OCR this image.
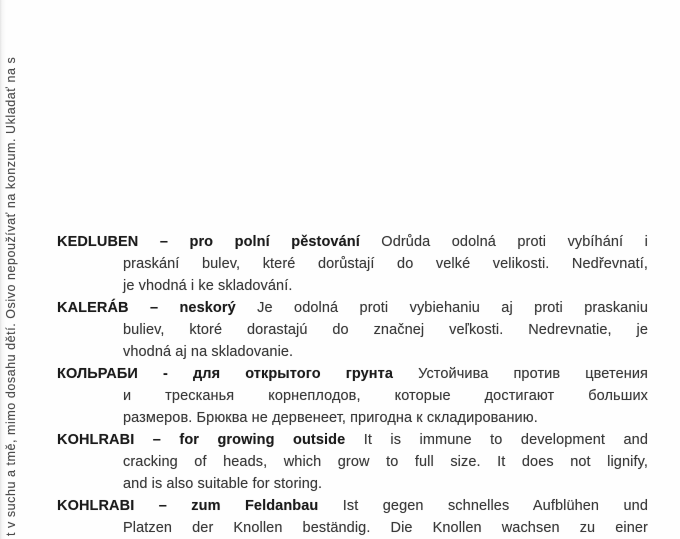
t v suchu a tmě, mimo dosahu dětí. Osivo nepoužívať na konzum. Ukladať na s	KEDLUBEN – pro polní pěstování Odrůda odolná proti vybíhání i
praskání bulev, které dorůstají do velké velikosti. Nedřevnatí,
je vhodná i ke skladování.
KALERÁB – neskorý Je odolná proti vybiehaniu aj proti praskaniu
buliev, ktoré dorastajú do značnej veľkosti. Nedrevnatie, je
vhodná aj na skladovanie.
КОЛЬРАБИ - для открытого грунта Устойчива против цветения
и тресканья корнеплодов, которые достигают больших
размеров. Брюква не дервенеет, пригодна к складированию.
KOHLRABI – for growing outside It is immune to development and
cracking of heads, which grow to full size. It does not lignify,
and is also suitable for storing.
KOHLRABI – zum Feldanbau Ist gegen schnelles Aufblühen und
Platzen der Knollen beständig. Die Knollen wachsen zu einer
